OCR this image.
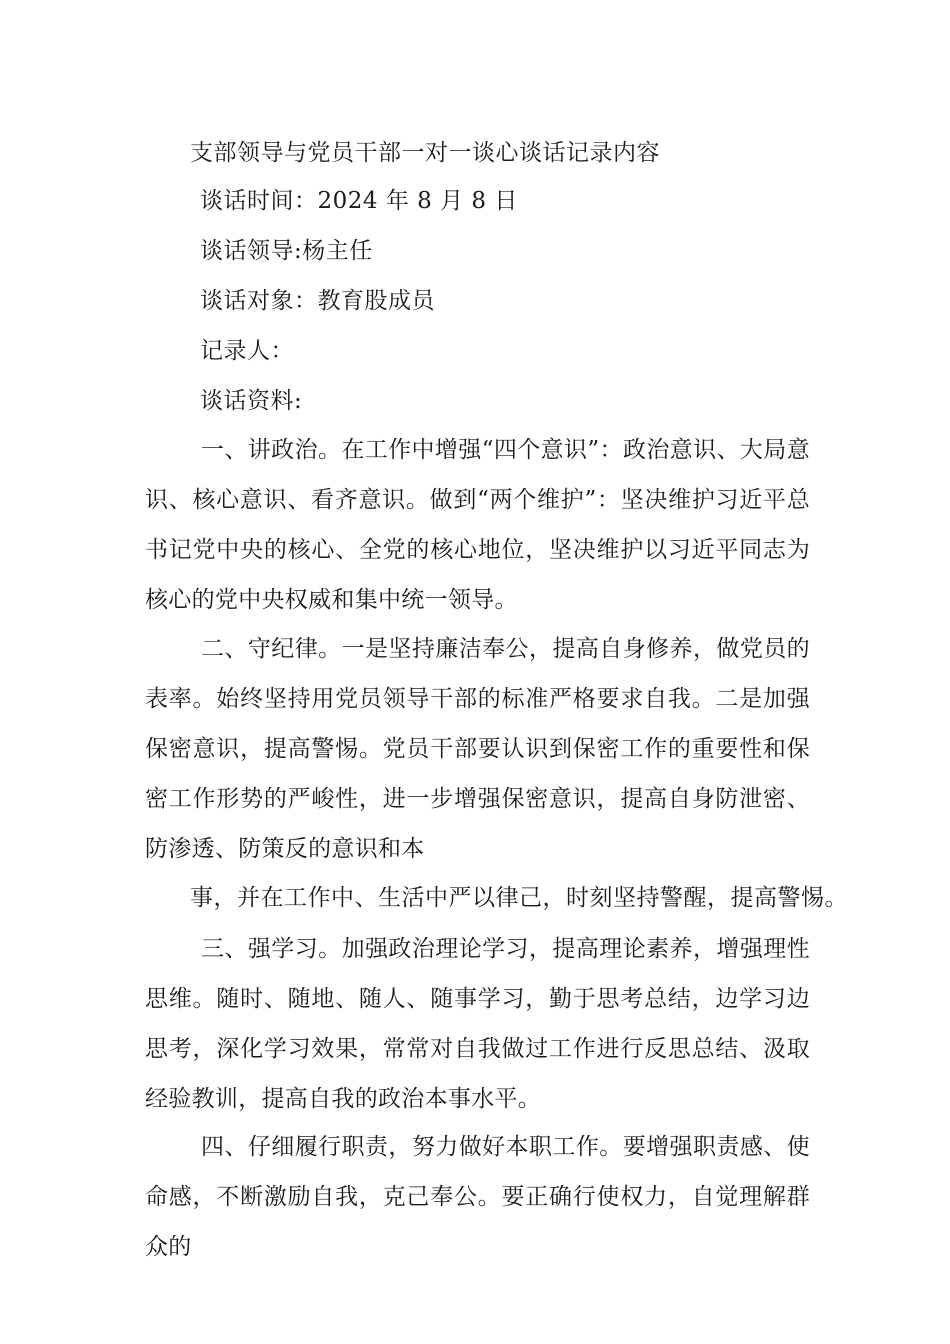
支部领导与党员干部一对一谈心谈话记录内容
谈话时间：2024 年 8 月 8 日
谈话领导:杨主任
谈话对象：教育股成员
记录人：
谈话资料:
一、讲政治。在工作中增强“四个意识”：政治意识、大局意识、核心意识、看齐意识。做到“两个维护”：坚决维护习近平总书记党中央的核心、全党的核心地位，坚决维护以习近平同志为核心的党中央权威和集中统一领导。
二、守纪律。一是坚持廉洁奉公，提高自身修养，做党员的表率。始终坚持用党员领导干部的标准严格要求自我。二是加强保密意识，提高警惕。党员干部要认识到保密工作的重要性和保密工作形势的严峻性，进一步增强保密意识，提高自身防泄密、防渗透、防策反的意识和本
事，并在工作中、生活中严以律己，时刻坚持警醒，提高警惕。
三、强学习。加强政治理论学习，提高理论素养，增强理性思维。随时、随地、随人、随事学习，勤于思考总结，边学习边思考，深化学习效果，常常对自我做过工作进行反思总结、汲取经验教训，提高自我的政治本事水平。
四、仔细履行职责，努力做好本职工作。要增强职责感、使命感，不断激励自我，克己奉公。要正确行使权力，自觉理解群众的
